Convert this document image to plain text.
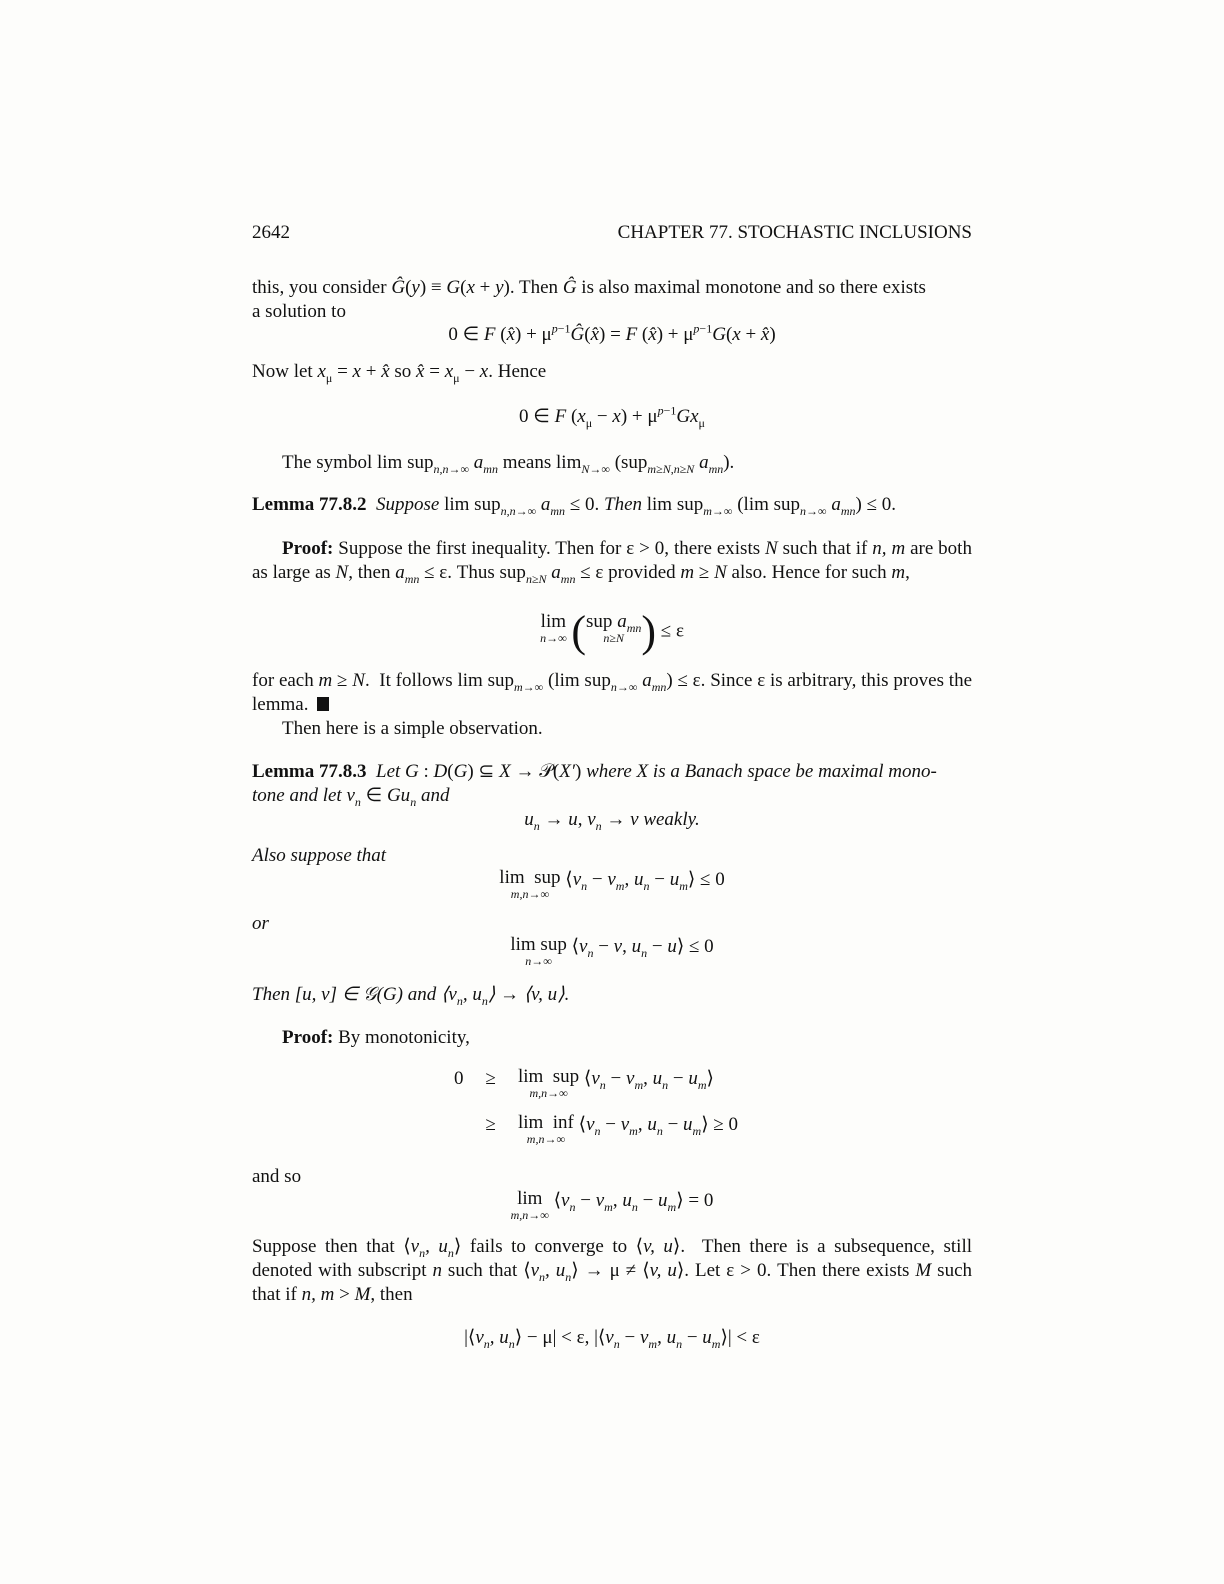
2642	CHAPTER 77. STOCHASTIC INCLUSIONS
this, you consider Ĝ(y) ≡ G(x + y). Then Ĝ is also maximal monotone and so there exists
a solution to
0 ∈ F (x̂) + $\mu^{p-1}Ĝ(x̂) = F$ (x̂) + $\mu^{p-1}G(x$ + x̂)
Now let $x_\mu = x$ + x̂ so x̂ = $x_\mu - x$. Hence
0 ∈ F $(x_\mu - x) + \mu^{p-1}Gx_\mu$
The symbol lim sup$_{n,n\to\infty}$ $a_{mn}$ means $\lim_{N\to\infty} (sup_{m\ge N,n\ge N}$ $a_{mn}$).
Lemma 77.8.2 Suppose lim sup$_{n,n\to\infty}$ $a_{mn} \le 0$. Then lim sup$_{m\to\infty}$ (lim sup$_{n\to\infty}$ $a_{mn}) \le 0$.
Proof: Suppose the first inequality. Then for ε > 0, there exists N such that if n, m are both as large as N, then $a_{mn} \le \varepsilon$. Thus sup$_{n\ge N}$ $a_{mn} \le \varepsilon$ provided m ≥ N also. Hence for such m,
lim
n→∞ ( sup $a_{mn}$
n≥N ) ≤ ε
for each m ≥ N.  It follows lim sup$_{m\to\infty}$ (lim sup$_{n\to\infty}$ $a_{mn}) \le \varepsilon$. Since ε is arbitrary, this proves the lemma.
Then here is a simple observation.
Lemma 77.8.3 Let G : D(G) ⊆ X → 𝒫(X′) where X is a Banach space be maximal mono-
tone and let $v_n$ ∈ $Gu_n$ and
$u_n \to u$, $v_n \to v$ weakly.
Also suppose that
lim  sup
m,n→∞
$⟨v_n - v_m$, $u_n$ − $u_m⟩ \le 0$
or
lim sup
n→∞
$⟨v_n - v$, $u_n$ − u⟩ ≤ 0
Then [u, v] ∈ 𝒢(G) and $⟨v_n$, $u_n⟩$ → ⟨v, u⟩.
Proof: By monotonicity,
0	≥	lim  sup
m,n→∞
$⟨v_n - v_m$, $u_n$ − $u_m⟩$
	≥	lim  inf
m,n→∞
$⟨v_n - v_m$, $u_n$ − $u_m⟩ \ge 0$
and so
lim
m,n→∞
$⟨v_n - v_m$, $u_n$ − $u_m⟩ = 0$
Suppose then that $⟨v_n$, $u_n⟩$ fails to converge to ⟨v, u⟩.  Then there is a subsequence, still denoted with subscript n such that $⟨v_n$, $u_n⟩ \to \mu$ ≠ ⟨v, u⟩. Let ε > 0. Then there exists M such that if n, m > M, then
$|⟨v_n$, $u_n⟩ - \mu| < \varepsilon$, $|⟨v_n - v_m$, $u_n$ − $u_m⟩| < \varepsilon$
